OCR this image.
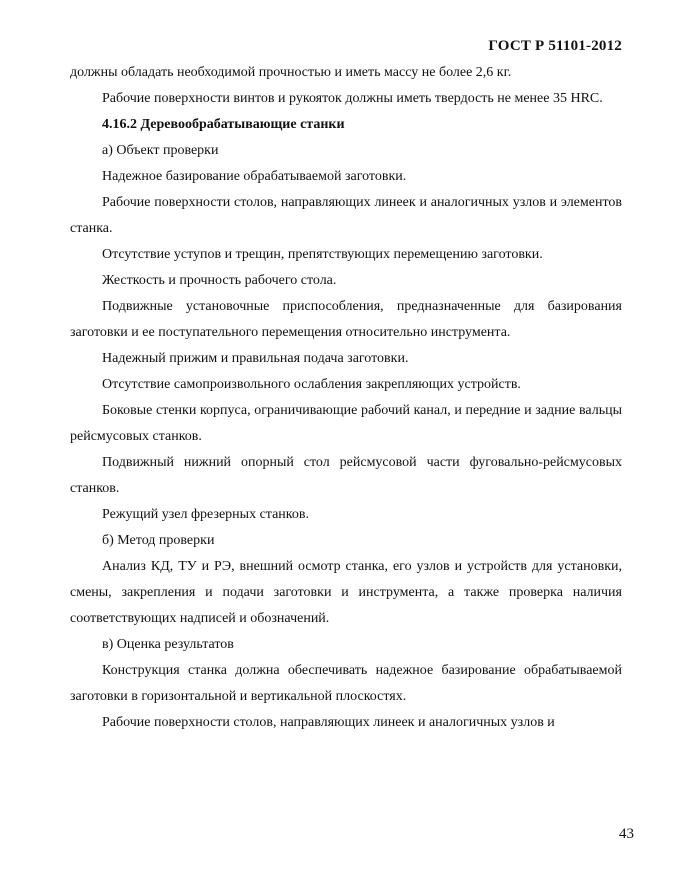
ГОСТ Р 51101-2012

должны обладать необходимой прочностью и иметь массу не более 2,6 кг.

Рабочие поверхности винтов и рукояток должны иметь твердость не менее 35 HRC.

4.16.2 Деревообрабатывающие станки

а) Объект проверки

Надежное базирование обрабатываемой заготовки.

Рабочие поверхности столов, направляющих линеек и аналогичных узлов и элементов станка.

Отсутствие уступов и трещин, препятствующих перемещению заготовки.

Жесткость и прочность рабочего стола.

Подвижные установочные приспособления, предназначенные для базирования заготовки и ее поступательного перемещения относительно инструмента.

Надежный прижим и правильная подача заготовки.

Отсутствие самопроизвольного ослабления закрепляющих устройств.

Боковые стенки корпуса, ограничивающие рабочий канал, и передние и задние вальцы рейсмусовых станков.

Подвижный нижний опорный стол рейсмусовой части фуговально-рейсмусовых станков.

Режущий узел фрезерных станков.

б) Метод проверки

Анализ КД, ТУ и РЭ, внешний осмотр станка, его узлов и устройств для установки, смены, закрепления и подачи заготовки и инструмента, а также проверка наличия соответствующих надписей и обозначений.

в) Оценка результатов

Конструкция станка должна обеспечивать надежное базирование обрабатываемой заготовки в горизонтальной и вертикальной плоскостях.

Рабочие поверхности столов, направляющих линеек и аналогичных узлов и

43
